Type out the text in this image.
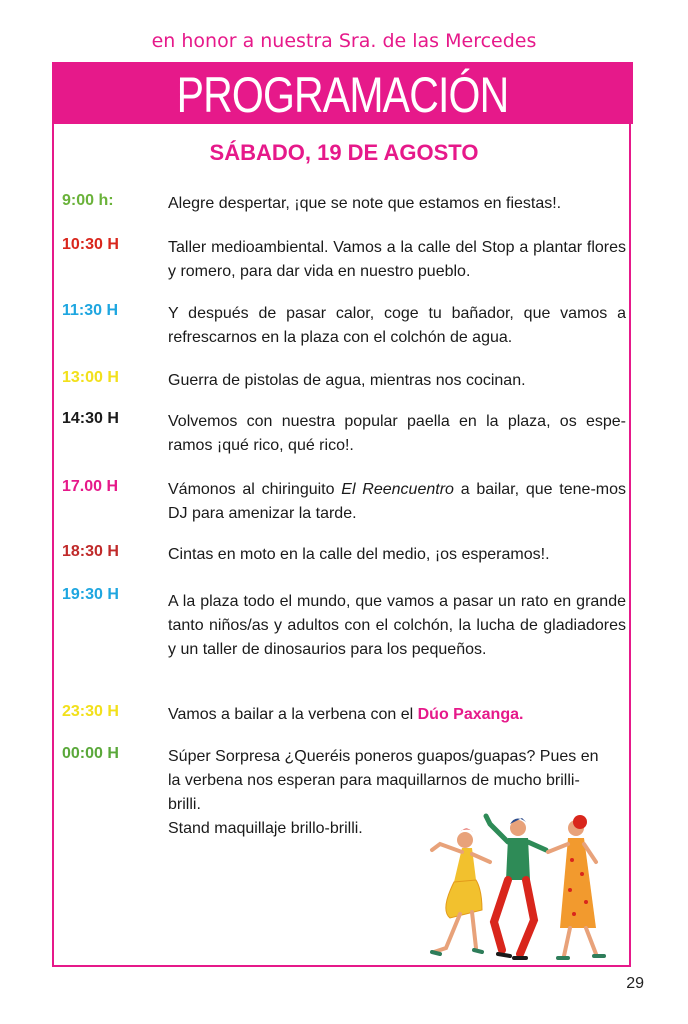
en honor a nuestra Sra. de las Mercedes
PROGRAMACIÓN
SÁBADO, 19 DE AGOSTO
9:00 h:	Alegre despertar, ¡que se note que estamos en fiestas!.
10:30 H	Taller medioambiental. Vamos a la calle del Stop a plantar flores y romero, para dar vida en nuestro pueblo.
11:30 H	Y después de pasar calor, coge tu bañador, que vamos a refrescarnos en la plaza con el colchón de agua.
13:00 H	Guerra de pistolas de agua, mientras nos cocinan.
14:30 H	Volvemos con nuestra popular paella en la plaza, os espe-ramos ¡qué rico, qué rico!.
17.00 H	Vámonos al chiringuito El Reencuentro a bailar, que tene-mos DJ para amenizar la tarde.
18:30 H	Cintas en moto en la calle del medio, ¡os esperamos!.
19:30 H	A la plaza todo el mundo, que vamos a pasar un rato en grande tanto niños/as y adultos con el colchón, la lucha de gladiadores y un taller de dinosaurios para los pequeños.
23:30 H	Vamos a bailar a la verbena con el Dúo Paxanga.
00:00 H	Súper Sorpresa ¿Queréis poneros guapos/guapas? Pues en la verbena nos esperan para maquillarnos de mucho brilli- brilli.
Stand maquillaje brillo-brilli.
29
